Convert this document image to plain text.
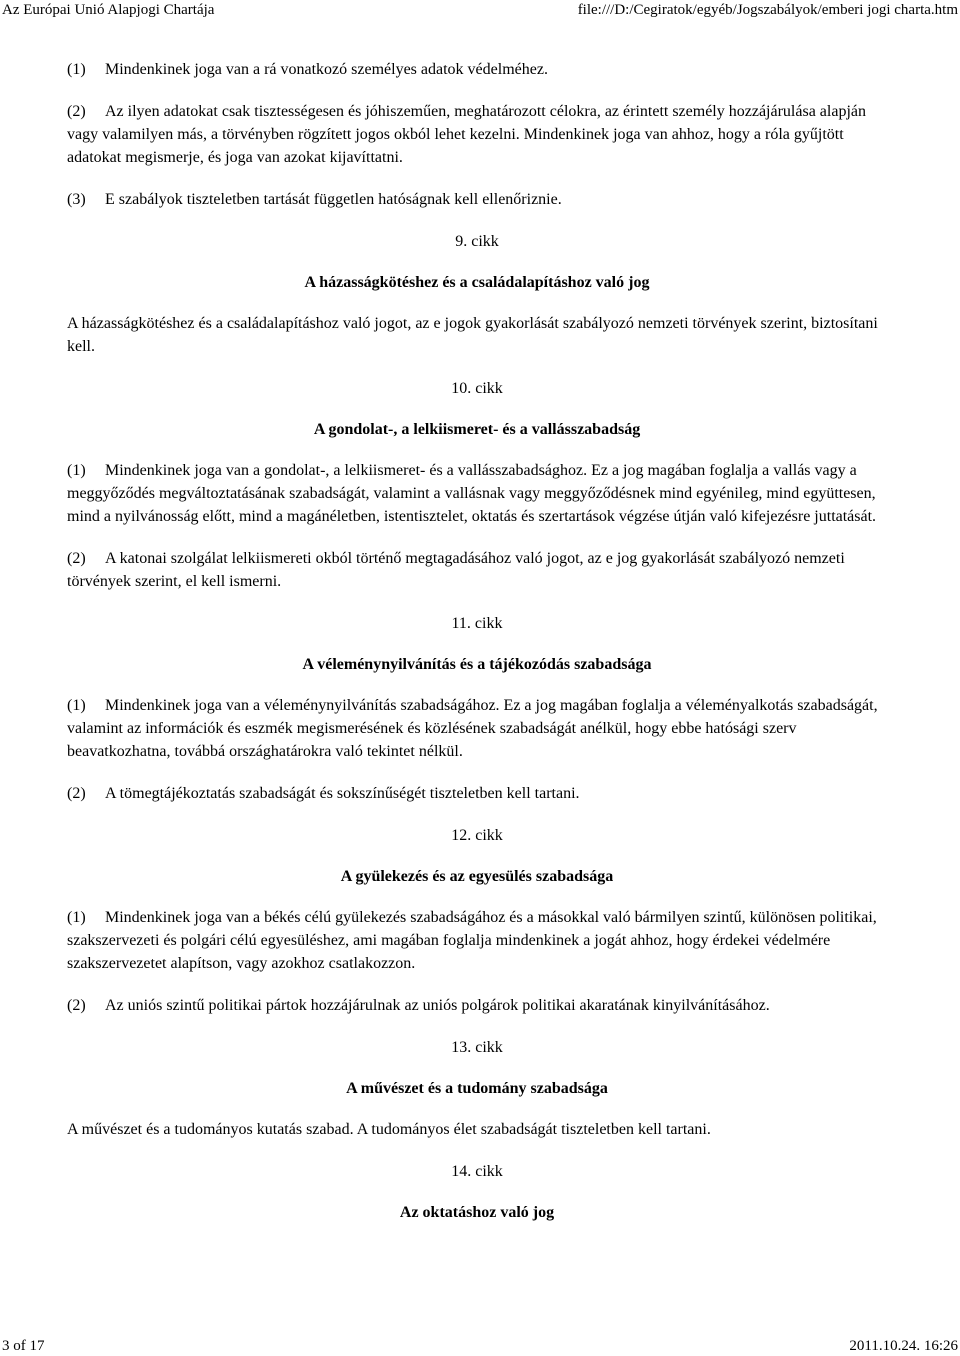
Az Európai Unió Alapjogi Chartája	file:///D:/Cegiratok/egyéb/Jogszabályok/emberi jogi charta.htm

(1) Mindenkinek joga van a rá vonatkozó személyes adatok védelméhez.

(2) Az ilyen adatokat csak tisztességesen és jóhiszeműen, meghatározott célokra, az érintett személy hozzájárulása alapján vagy valamilyen más, a törvényben rögzített jogos okból lehet kezelni. Mindenkinek joga van ahhoz, hogy a róla gyűjtött adatokat megismerje, és joga van azokat kijavíttatni.

(3) E szabályok tiszteletben tartását független hatóságnak kell ellenőriznie.

9. cikk
A házasságkötéshez és a családalapításhoz való jog

A házasságkötéshez és a családalapításhoz való jogot, az e jogok gyakorlását szabályozó nemzeti törvények szerint, biztosítani kell.

10. cikk
A gondolat-, a lelkiismeret- és a vallásszabadság

(1) Mindenkinek joga van a gondolat-, a lelkiismeret- és a vallásszabadsághoz. Ez a jog magában foglalja a vallás vagy a meggyőződés megváltoztatásának szabadságát, valamint a vallásnak vagy meggyőződésnek mind egyénileg, mind együttesen, mind a nyilvánosság előtt, mind a magánéletben, istentisztelet, oktatás és szertartások végzése útján való kifejezésre juttatását.

(2) A katonai szolgálat lelkiismereti okból történő megtagadásához való jogot, az e jog gyakorlását szabályozó nemzeti törvények szerint, el kell ismerni.

11. cikk
A véleménynyilvánítás és a tájékozódás szabadsága

(1) Mindenkinek joga van a véleménynyilvánítás szabadságához. Ez a jog magában foglalja a véleményalkotás szabadságát, valamint az információk és eszmék megismerésének és közlésének szabadságát anélkül, hogy ebbe hatósági szerv beavatkozhatna, továbbá országhatárokra való tekintet nélkül.

(2) A tömegtájékoztatás szabadságát és sokszínűségét tiszteletben kell tartani.

12. cikk
A gyülekezés és az egyesülés szabadsága

(1) Mindenkinek joga van a békés célú gyülekezés szabadságához és a másokkal való bármilyen szintű, különösen politikai, szakszervezeti és polgári célú egyesüléshez, ami magában foglalja mindenkinek a jogát ahhoz, hogy érdekei védelmére szakszervezetet alapítson, vagy azokhoz csatlakozzon.

(2) Az uniós szintű politikai pártok hozzájárulnak az uniós polgárok politikai akaratának kinyilvánításához.

13. cikk
A művészet és a tudomány szabadsága

A művészet és a tudományos kutatás szabad. A tudományos élet szabadságát tiszteletben kell tartani.

14. cikk
Az oktatáshoz való jog
3 of 17	2011.10.24. 16:26
